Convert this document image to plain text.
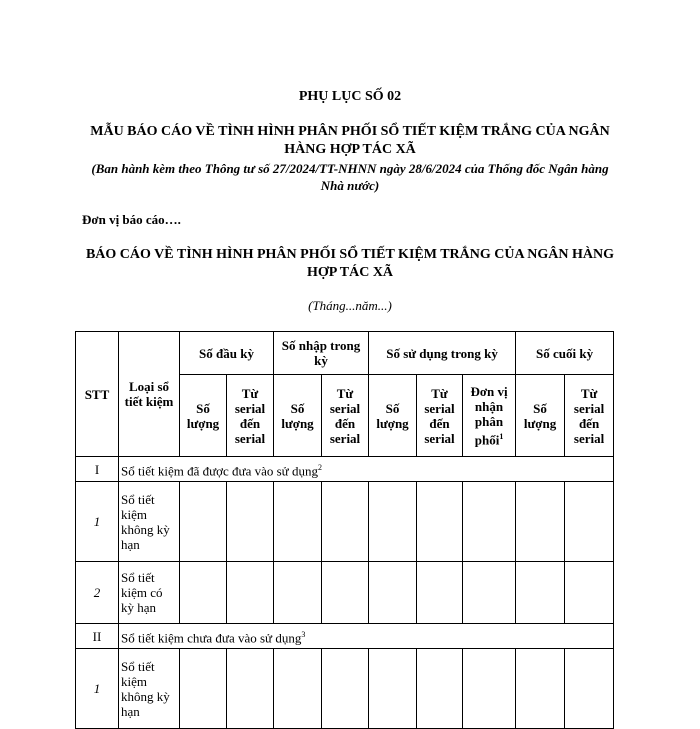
PHỤ LỤC SỐ 02
MẪU BÁO CÁO VỀ TÌNH HÌNH PHÂN PHỐI SỔ TIẾT KIỆM TRẮNG CỦA NGÂN HÀNG HỢP TÁC XÃ
(Ban hành kèm theo Thông tư số 27/2024/TT-NHNN ngày 28/6/2024 của Thống đốc Ngân hàng Nhà nước)
Đơn vị báo cáo….
BÁO CÁO VỀ TÌNH HÌNH PHÂN PHỐI SỔ TIẾT KIỆM TRẮNG CỦA NGÂN HÀNG HỢP TÁC XÃ
(Tháng...năm...)
STT	Loại sổ tiết kiệm	Số đầu kỳ		Số nhập trong kỳ		Số sử dụng trong kỳ			Số cuối kỳ	
		Số lượng	Từ serial đến serial	Số lượng	Từ serial đến serial	Số lượng	Từ serial đến serial	Đơn vị nhận phân phối$^1$	Số lượng	Từ serial đến serial
I	Sổ tiết kiệm đã được đưa vào sử dụng$^2$
1	Sổ tiết kiệm không kỳ hạn									
2	Sổ tiết kiệm có kỳ hạn									
II	Sổ tiết kiệm chưa đưa vào sử dụng$^3$
1	Sổ tiết kiệm không kỳ hạn									
